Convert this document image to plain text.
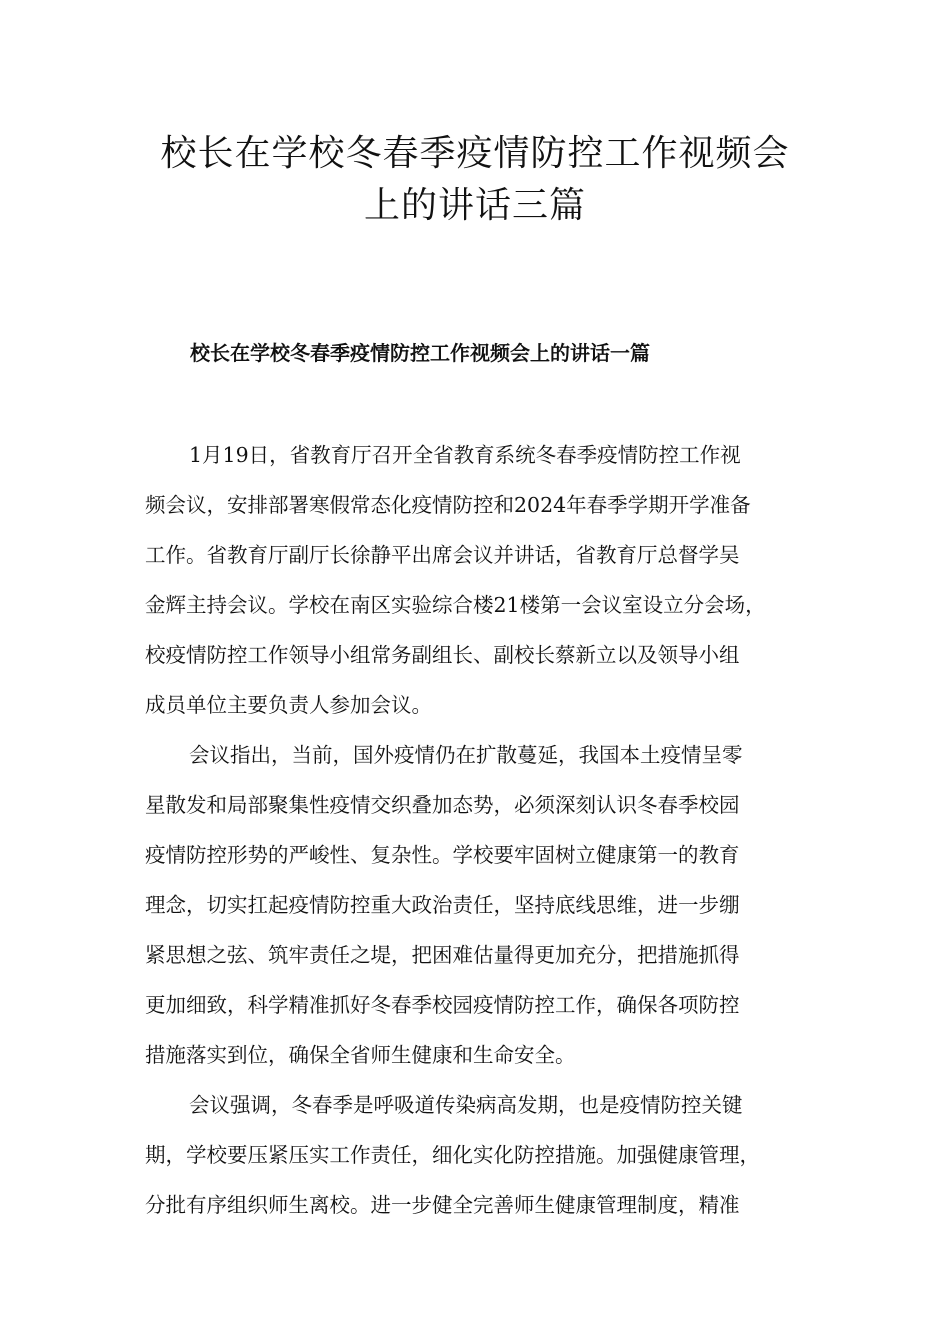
校长在学校冬春季疫情防控工作视频会
上的讲话三篇
校长在学校冬春季疫情防控工作视频会上的讲话一篇

1月19日，省教育厅召开全省教育系统冬春季疫情防控工作视
频会议，安排部署寒假常态化疫情防控和2024年春季学期开学准备
工作。省教育厅副厅长徐静平出席会议并讲话，省教育厅总督学吴
金辉主持会议。学校在南区实验综合楼21楼第一会议室设立分会场，
校疫情防控工作领导小组常务副组长、副校长蔡新立以及领导小组
成员单位主要负责人参加会议。

会议指出，当前，国外疫情仍在扩散蔓延，我国本土疫情呈零
星散发和局部聚集性疫情交织叠加态势，必须深刻认识冬春季校园
疫情防控形势的严峻性、复杂性。学校要牢固树立健康第一的教育
理念，切实扛起疫情防控重大政治责任，坚持底线思维，进一步绷
紧思想之弦、筑牢责任之堤，把困难估量得更加充分，把措施抓得
更加细致，科学精准抓好冬春季校园疫情防控工作，确保各项防控
措施落实到位，确保全省师生健康和生命安全。

会议强调，冬春季是呼吸道传染病高发期，也是疫情防控关键
期，学校要压紧压实工作责任，细化实化防控措施。加强健康管理，
分批有序组织师生离校。进一步健全完善师生健康管理制度，精准
